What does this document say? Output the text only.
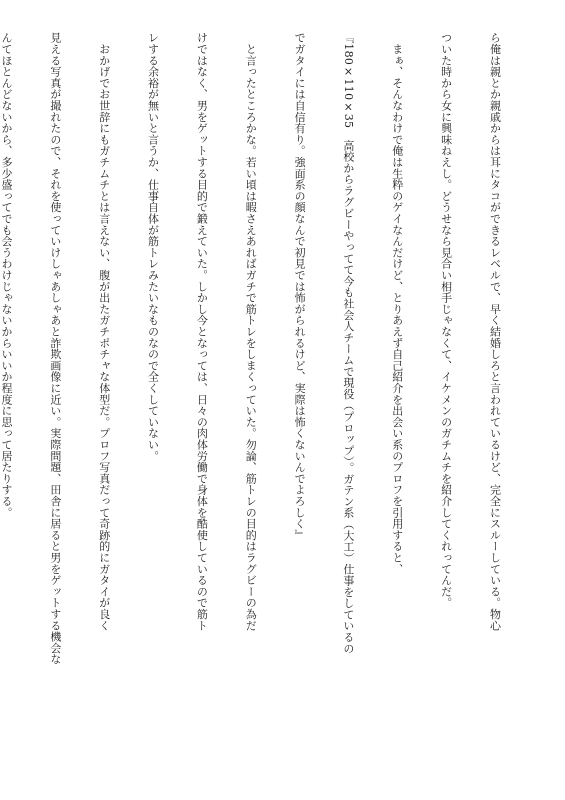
ら俺は親とか親戚からは耳にタコができるレベルで、早く結婚しろと言われているけど、完全にスルーしている。物心

ついた時から女に興味ねえし。どうせなら見合い相手じゃなくて、イケメンのガチムチを紹介してくれってんだ。

　まぁ、そんなわけで俺は生粋のゲイなんだけど、とりあえず自己紹介を出会い系のプロフを引用すると、

『180×110×35　高校からラグビーやってて今も社会人チームで現役（プロップ）。ガテン系（大工）仕事をしているの

でガタイには自信有り。強面系の顔なんで初見では怖がられるけど、実際は怖くないんでよろしく』

　と言ったところかな。若い頃は暇さえあればガチで筋トレをしまくっていた。勿論、筋トレの目的はラグビーの為だ

けではなく、男をゲットする目的で鍛えていた。しかし今となっては、日々の肉体労働で身体を酷使しているので筋ト

レする余裕が無いと言うか、仕事自体が筋トレみたいなものなので全くしていない。

　おかげでお世辞にもガチムチとは言えない、腹が出たガチポチャな体型だ。プロフ写真だって奇跡的にガタイが良く

見える写真が撮れたので、それを使っていけしゃあしゃあと詐欺画像に近い。実際問題、田舎に居ると男をゲットする機会な

んてほとんどないから、多少盛ってでも会うわけじゃないからいいか程度に思って居たりする。
